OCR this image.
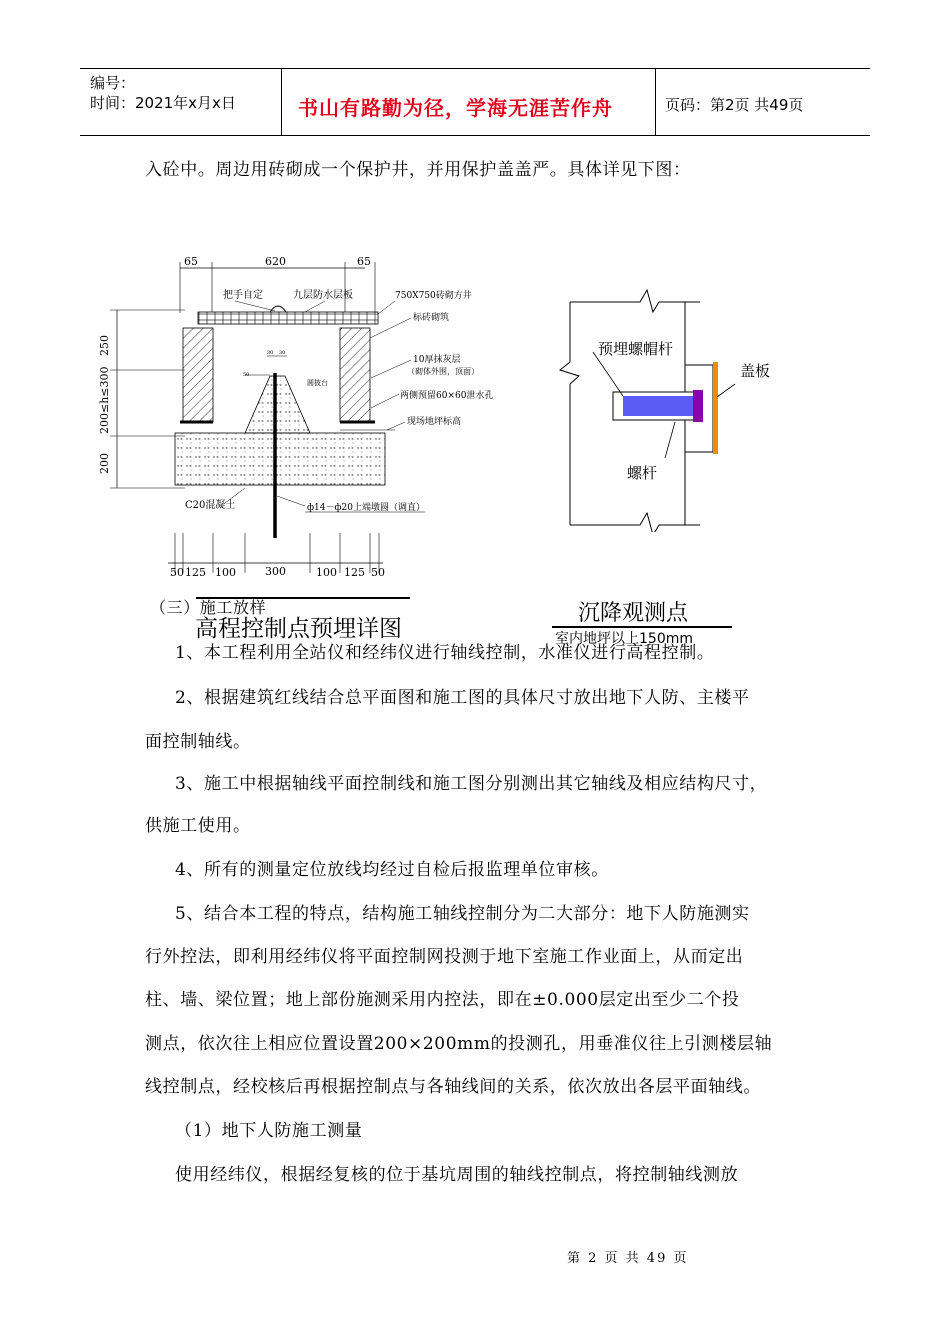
编号：
时间：2021年x月x日	书山有路勤为径，学海无涯苦作舟	页码：第2页 共49页
入砼中。周边用砖砌成一个保护井，并用保护盖盖严。具体详见下图：
65	620	65
250
200≤h≤300
200
30 30
50
把手自定	九层防水层板	750X750砖砌方井
标砖砌筑
10厚抹灰层
（砌体外围，顶面）
圆披台
两侧预留60×60泄水孔
现场地坪标高
C20混凝土	ф14－ф20上端墩圆（调直）
50 125 100	300	100 125 50
高程控制点预埋详图
预埋螺帽杆
盖板
螺杆
沉降观测点
室内地坪以上150mm
（三）施工放样
1、本工程利用全站仪和经纬仪进行轴线控制，水准仪进行高程控制。
2、根据建筑红线结合总平面图和施工图的具体尺寸放出地下人防、主楼平
面控制轴线。
3、施工中根据轴线平面控制线和施工图分别测出其它轴线及相应结构尺寸，
供施工使用。
4、所有的测量定位放线均经过自检后报监理单位审核。
5、结合本工程的特点，结构施工轴线控制分为二大部分：地下人防施测实
行外控法，即利用经纬仪将平面控制网投测于地下室施工作业面上，从而定出
柱、墙、梁位置；地上部份施测采用内控法，即在±0.000层定出至少二个投
测点，依次往上相应位置设置200×200mm的投测孔，用垂准仪往上引测楼层轴
线控制点，经校核后再根据控制点与各轴线间的关系，依次放出各层平面轴线。
（1）地下人防施工测量
使用经纬仪，根据经复核的位于基坑周围的轴线控制点，将控制轴线测放
第 2 页 共 49 页
